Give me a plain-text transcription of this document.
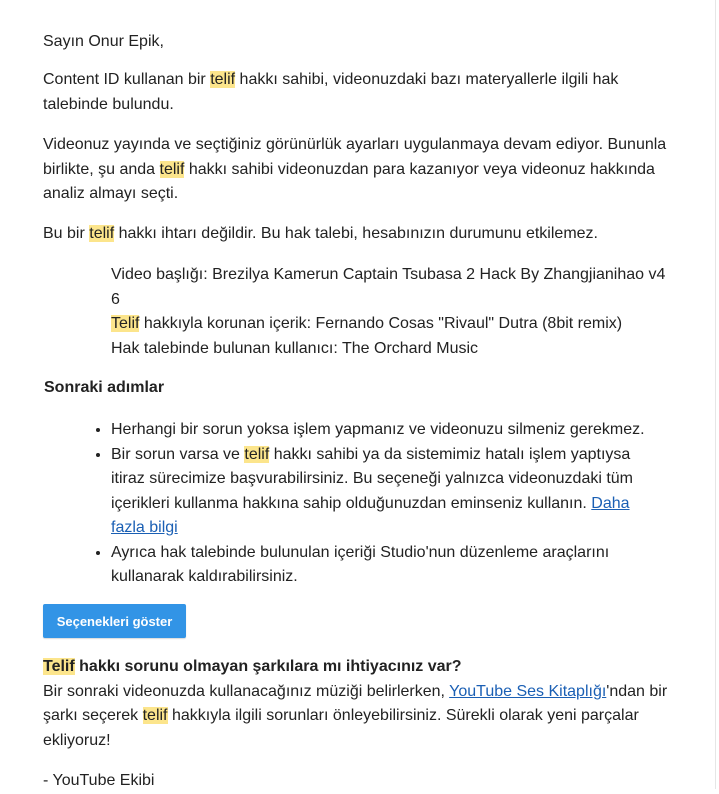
Sayın Onur Epik,

Content ID kullanan bir telif hakkı sahibi, videonuzdaki bazı materyallerle ilgili hak talebinde bulundu.

Videonuz yayında ve seçtiğiniz görünürlük ayarları uygulanmaya devam ediyor. Bununla birlikte, şu anda telif hakkı sahibi videonuzdan para kazanıyor veya videonuz hakkında analiz almayı seçti.

Bu bir telif hakkı ihtarı değildir. Bu hak talebi, hesabınızın durumunu etkilemez.

Video başlığı: Brezilya Kamerun Captain Tsubasa 2 Hack By Zhangjianihao v4 6

Telif hakkıyla korunan içerik: Fernando Cosas "Rivaul" Dutra (8bit remix)

Hak talebinde bulunan kullanıcı: The Orchard Music

Sonraki adımlar

• Herhangi bir sorun yoksa işlem yapmanız ve videonuzu silmeniz gerekmez.
• Bir sorun varsa ve telif hakkı sahibi ya da sistemimiz hatalı işlem yaptıysa itiraz sürecimize başvurabilirsiniz. Bu seçeneği yalnızca videonuzdaki tüm içerikleri kullanma hakkına sahip olduğunuzdan eminseniz kullanın. Daha fazla bilgi
• Ayrıca hak talebinde bulunulan içeriği Studio'nun düzenleme araçlarını kullanarak kaldırabilirsiniz.
Seçenekleri göster

Telif hakkı sorunu olmayan şarkılara mı ihtiyacınız var?

Bir sonraki videonuzda kullanacağınız müziği belirlerken, YouTube Ses Kitaplığı'ndan bir şarkı seçerek telif hakkıyla ilgili sorunları önleyebilirsiniz. Sürekli olarak yeni parçalar ekliyoruz!

- YouTube Ekibi
